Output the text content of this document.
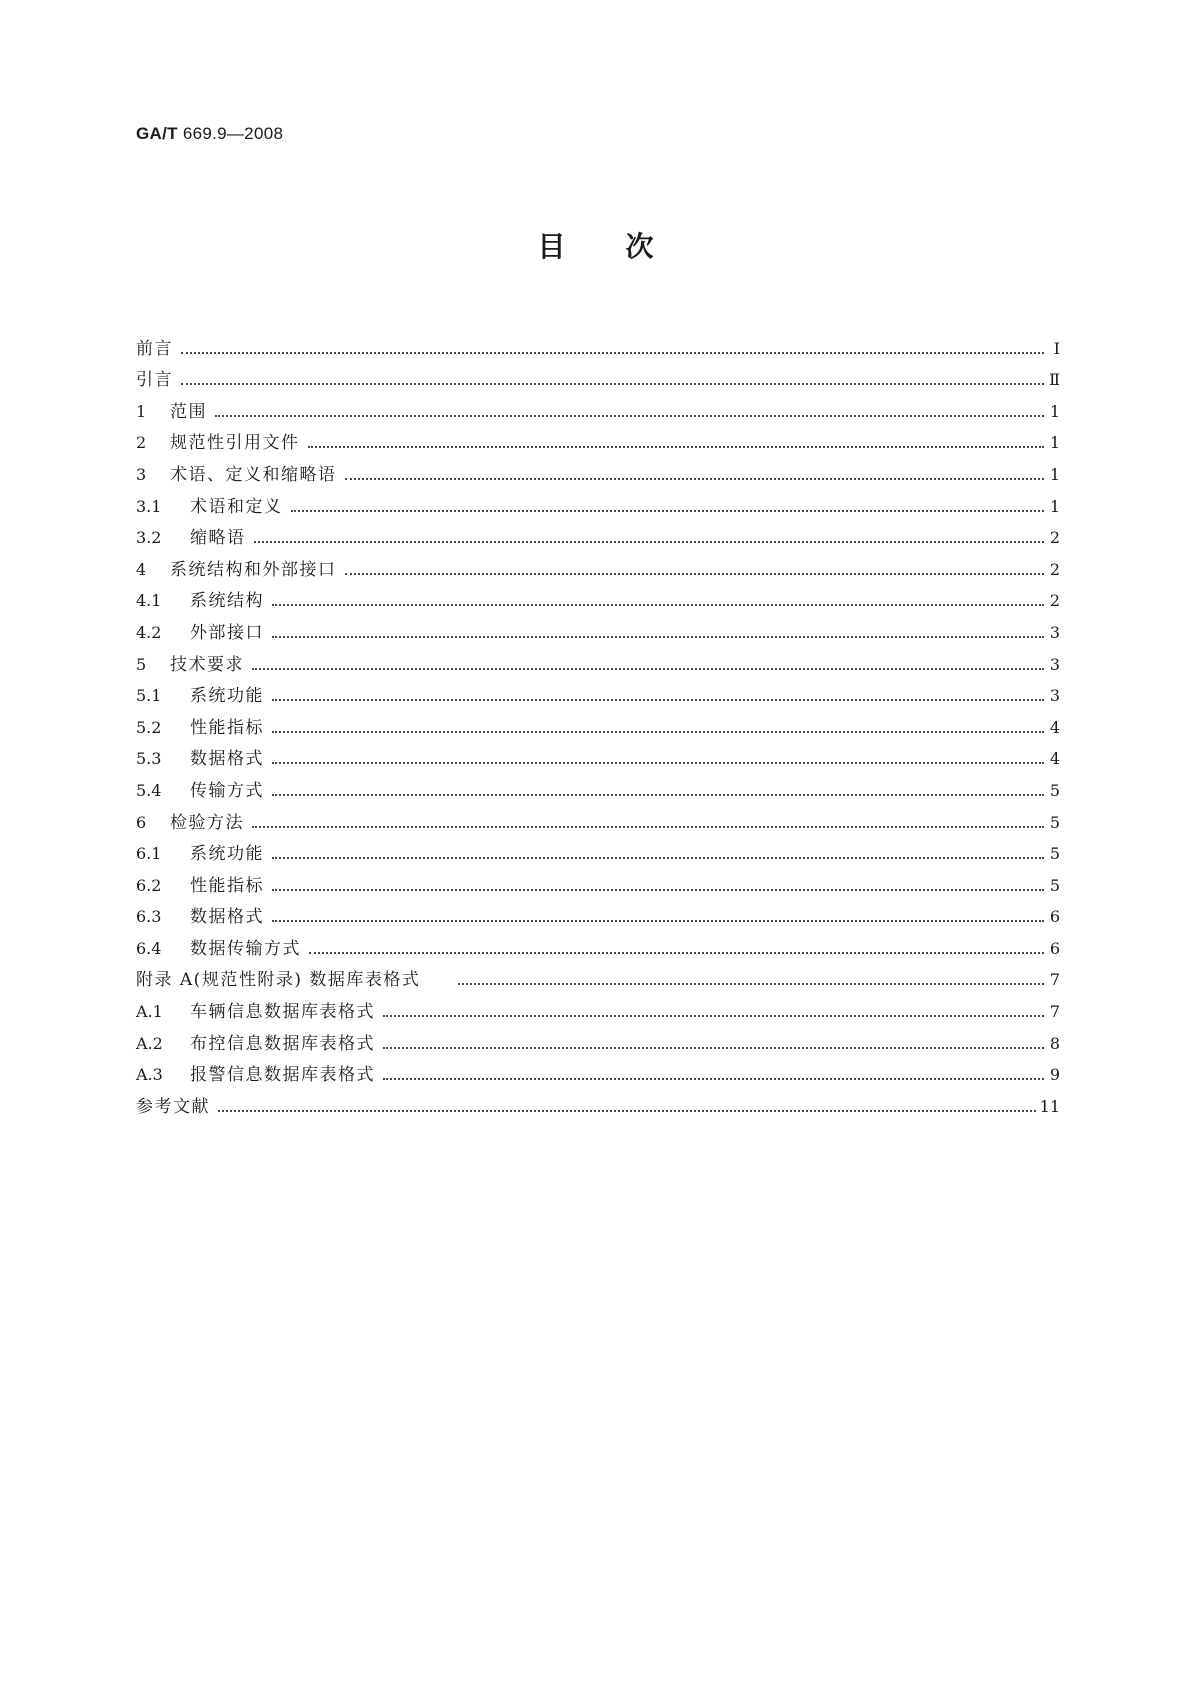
GA/T 669.9—2008
目次
前言	Ⅰ
引言	Ⅱ
1	范围	1
2	规范性引用文件	1
3	术语、定义和缩略语	1
3.1	术语和定义	1
3.2	缩略语	2
4	系统结构和外部接口	2
4.1	系统结构	2
4.2	外部接口	3
5	技术要求	3
5.1	系统功能	3
5.2	性能指标	4
5.3	数据格式	4
5.4	传输方式	5
6	检验方法	5
6.1	系统功能	5
6.2	性能指标	5
6.3	数据格式	6
6.4	数据传输方式	6
附录 A(规范性附录) 数据库表格式	7
A.1	车辆信息数据库表格式	7
A.2	布控信息数据库表格式	8
A.3	报警信息数据库表格式	9
参考文献	11
